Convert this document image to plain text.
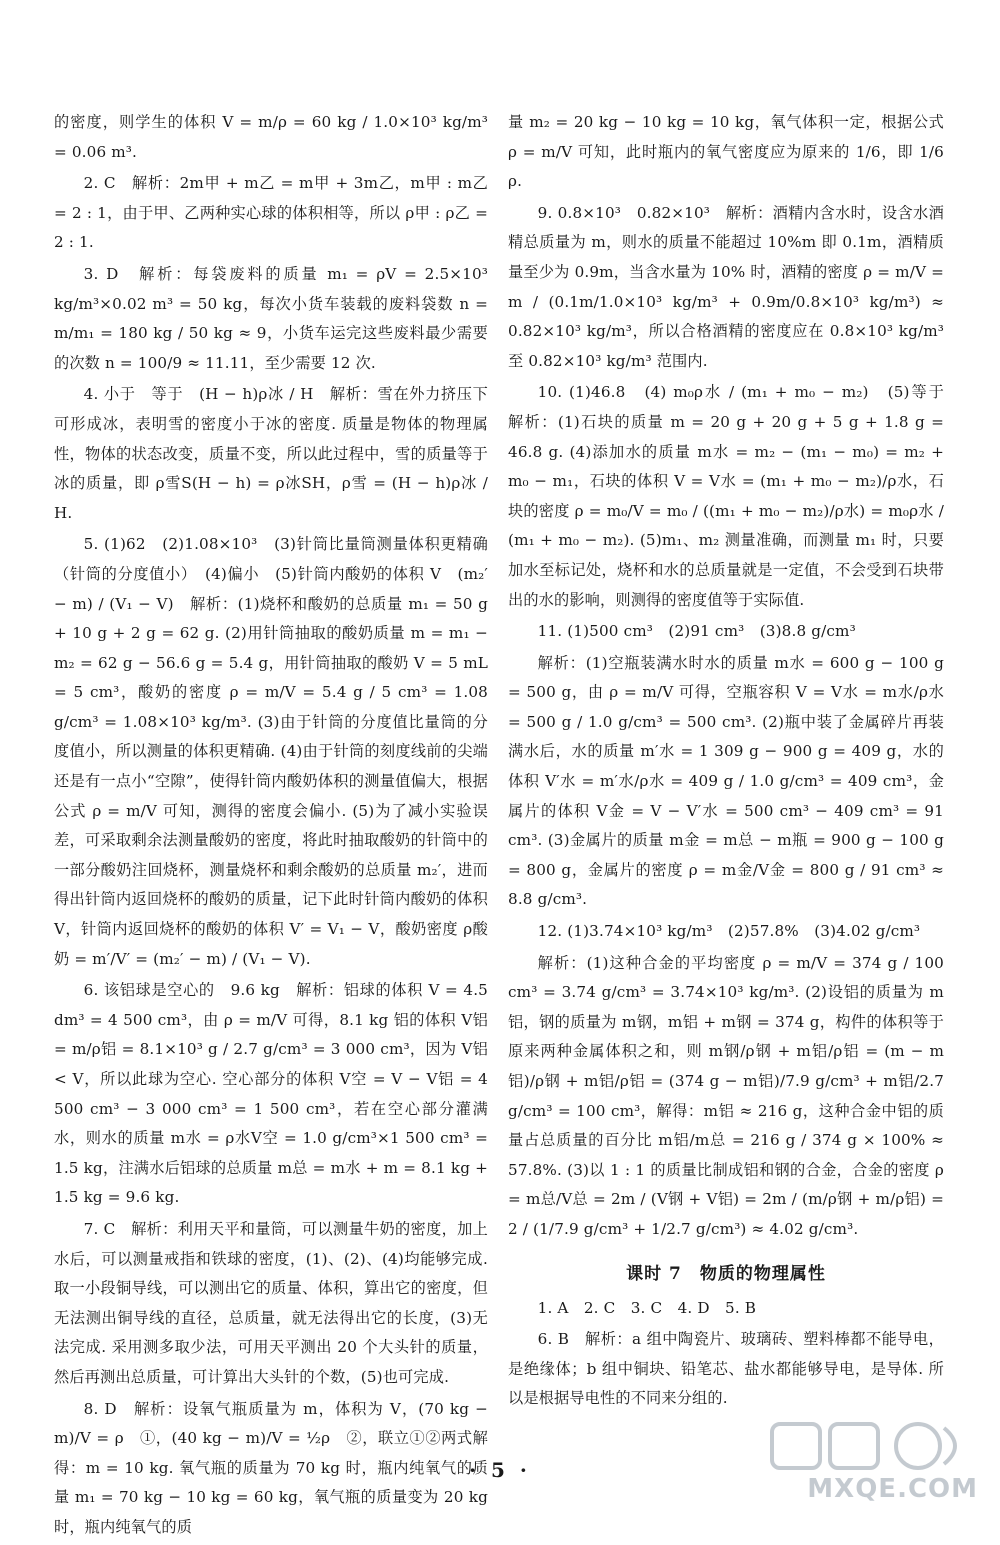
的密度，则学生的体积 V = m/ρ = 60 kg / 1.0×10³ kg/m³ = 0.06 m³.

2. C　解析：2m甲 + m乙 = m甲 + 3m乙，m甲 : m乙 = 2 : 1，由于甲、乙两种实心球的体积相等，所以 ρ甲 : ρ乙 = 2 : 1.

3. D　解析：每袋废料的质量 m₁ = ρV = 2.5×10³ kg/m³×0.02 m³ = 50 kg，每次小货车装载的废料袋数 n = m/m₁ = 180 kg / 50 kg ≈ 9，小货车运完这些废料最少需要的次数 n = 100/9 ≈ 11.11，至少需要 12 次.

4. 小于　等于　(H − h)ρ冰 / H　解析：雪在外力挤压下可形成冰，表明雪的密度小于冰的密度. 质量是物体的物理属性，物体的状态改变，质量不变，所以此过程中，雪的质量等于冰的质量，即 ρ雪S(H − h) = ρ冰SH，ρ雪 = (H − h)ρ冰 / H.

5. (1)62　(2)1.08×10³　(3)针筒比量筒测量体积更精确（针筒的分度值小）　(4)偏小　(5)针筒内酸奶的体积 V　(m₂′ − m) / (V₁ − V)　解析：(1)烧杯和酸奶的总质量 m₁ = 50 g + 10 g + 2 g = 62 g. (2)用针筒抽取的酸奶质量 m = m₁ − m₂ = 62 g − 56.6 g = 5.4 g，用针筒抽取的酸奶 V = 5 mL = 5 cm³，酸奶的密度 ρ = m/V = 5.4 g / 5 cm³ = 1.08 g/cm³ = 1.08×10³ kg/m³. (3)由于针筒的分度值比量筒的分度值小，所以测量的体积更精确. (4)由于针筒的刻度线前的尖端还是有一点小“空隙”，使得针筒内酸奶体积的测量值偏大，根据公式 ρ = m/V 可知，测得的密度会偏小. (5)为了减小实验误差，可采取剩余法测量酸奶的密度，将此时抽取酸奶的针筒中的一部分酸奶注回烧杯，测量烧杯和剩余酸奶的总质量 m₂′，进而得出针筒内返回烧杯的酸奶的质量，记下此时针筒内酸奶的体积 V，针筒内返回烧杯的酸奶的体积 V′ = V₁ − V，酸奶密度 ρ酸奶 = m′/V′ = (m₂′ − m) / (V₁ − V).

6. 该铝球是空心的　9.6 kg　解析：铝球的体积 V = 4.5 dm³ = 4 500 cm³，由 ρ = m/V 可得，8.1 kg 铝的体积 V铝 = m/ρ铝 = 8.1×10³ g / 2.7 g/cm³ = 3 000 cm³，因为 V铝 < V，所以此球为空心. 空心部分的体积 V空 = V − V铝 = 4 500 cm³ − 3 000 cm³ = 1 500 cm³，若在空心部分灌满水，则水的质量 m水 = ρ水V空 = 1.0 g/cm³×1 500 cm³ = 1.5 kg，注满水后铝球的总质量 m总 = m水 + m = 8.1 kg + 1.5 kg = 9.6 kg.

7. C　解析：利用天平和量筒，可以测量牛奶的密度，加上水后，可以测量戒指和铁球的密度，(1)、(2)、(4)均能够完成. 取一小段铜导线，可以测出它的质量、体积，算出它的密度，但无法测出铜导线的直径，总质量，就无法得出它的长度，(3)无法完成. 采用测多取少法，可用天平测出 20 个大头针的质量，然后再测出总质量，可计算出大头针的个数，(5)也可完成.

8. D　解析：设氧气瓶质量为 m，体积为 V，(70 kg − m)/V = ρ　①，(40 kg − m)/V = ½ρ　②，联立①②两式解得：m = 10 kg. 氧气瓶的质量为 70 kg 时，瓶内纯氧气的质量 m₁ = 70 kg − 10 kg = 60 kg，氧气瓶的质量变为 20 kg 时，瓶内纯氧气的质

量 m₂ = 20 kg − 10 kg = 10 kg，氧气体积一定，根据公式 ρ = m/V 可知，此时瓶内的氧气密度应为原来的 1/6，即 1/6 ρ.

9. 0.8×10³　0.82×10³　解析：酒精内含水时，设含水酒精总质量为 m，则水的质量不能超过 10%m 即 0.1m，酒精质量至少为 0.9m，当含水量为 10% 时，酒精的密度 ρ = m/V = m / (0.1m/1.0×10³ kg/m³ + 0.9m/0.8×10³ kg/m³) ≈ 0.82×10³ kg/m³，所以合格酒精的密度应在 0.8×10³ kg/m³ 至 0.82×10³ kg/m³ 范围内.

10. (1)46.8　(4) m₀ρ水 / (m₁ + m₀ − m₂)　(5)等于　解析：(1)石块的质量 m = 20 g + 20 g + 5 g + 1.8 g = 46.8 g. (4)添加水的质量 m水 = m₂ − (m₁ − m₀) = m₂ + m₀ − m₁，石块的体积 V = V水 = (m₁ + m₀ − m₂)/ρ水，石块的密度 ρ = m₀/V = m₀ / ((m₁ + m₀ − m₂)/ρ水) = m₀ρ水 / (m₁ + m₀ − m₂). (5)m₁、m₂ 测量准确，而测量 m₁ 时，只要加水至标记处，烧杯和水的总质量就是一定值，不会受到石块带出的水的影响，则测得的密度值等于实际值.

11. (1)500 cm³　(2)91 cm³　(3)8.8 g/cm³

解析：(1)空瓶装满水时水的质量 m水 = 600 g − 100 g = 500 g，由 ρ = m/V 可得，空瓶容积 V = V水 = m水/ρ水 = 500 g / 1.0 g/cm³ = 500 cm³. (2)瓶中装了金属碎片再装满水后，水的质量 m′水 = 1 309 g − 900 g = 409 g，水的体积 V′水 = m′水/ρ水 = 409 g / 1.0 g/cm³ = 409 cm³，金属片的体积 V金 = V − V′水 = 500 cm³ − 409 cm³ = 91 cm³. (3)金属片的质量 m金 = m总 − m瓶 = 900 g − 100 g = 800 g，金属片的密度 ρ = m金/V金 = 800 g / 91 cm³ ≈ 8.8 g/cm³.

12. (1)3.74×10³ kg/m³　(2)57.8%　(3)4.02 g/cm³

解析：(1)这种合金的平均密度 ρ = m/V = 374 g / 100 cm³ = 3.74 g/cm³ = 3.74×10³ kg/m³. (2)设铝的质量为 m铝，钢的质量为 m钢，m铝 + m钢 = 374 g，构件的体积等于原来两种金属体积之和，则 m钢/ρ钢 + m铝/ρ铝 = (m − m铝)/ρ钢 + m铝/ρ铝 = (374 g − m铝)/7.9 g/cm³ + m铝/2.7 g/cm³ = 100 cm³，解得：m铝 ≈ 216 g，这种合金中铝的质量占总质量的百分比 m铝/m总 = 216 g / 374 g × 100% ≈ 57.8%. (3)以 1 : 1 的质量比制成铝和钢的合金，合金的密度 ρ = m总/V总 = 2m / (V钢 + V铝) = 2m / (m/ρ钢 + m/ρ铝) = 2 / (1/7.9 g/cm³ + 1/2.7 g/cm³) ≈ 4.02 g/cm³.

课时 7　物质的物理属性

1. A　2. C　3. C　4. D　5. B

6. B　解析：a 组中陶瓷片、玻璃砖、塑料棒都不能导电，是绝缘体；b 组中铜块、铅笔芯、盐水都能够导电，是导体. 所以是根据导电性的不同来分组的.

· 5 ·
MXQE.COM
